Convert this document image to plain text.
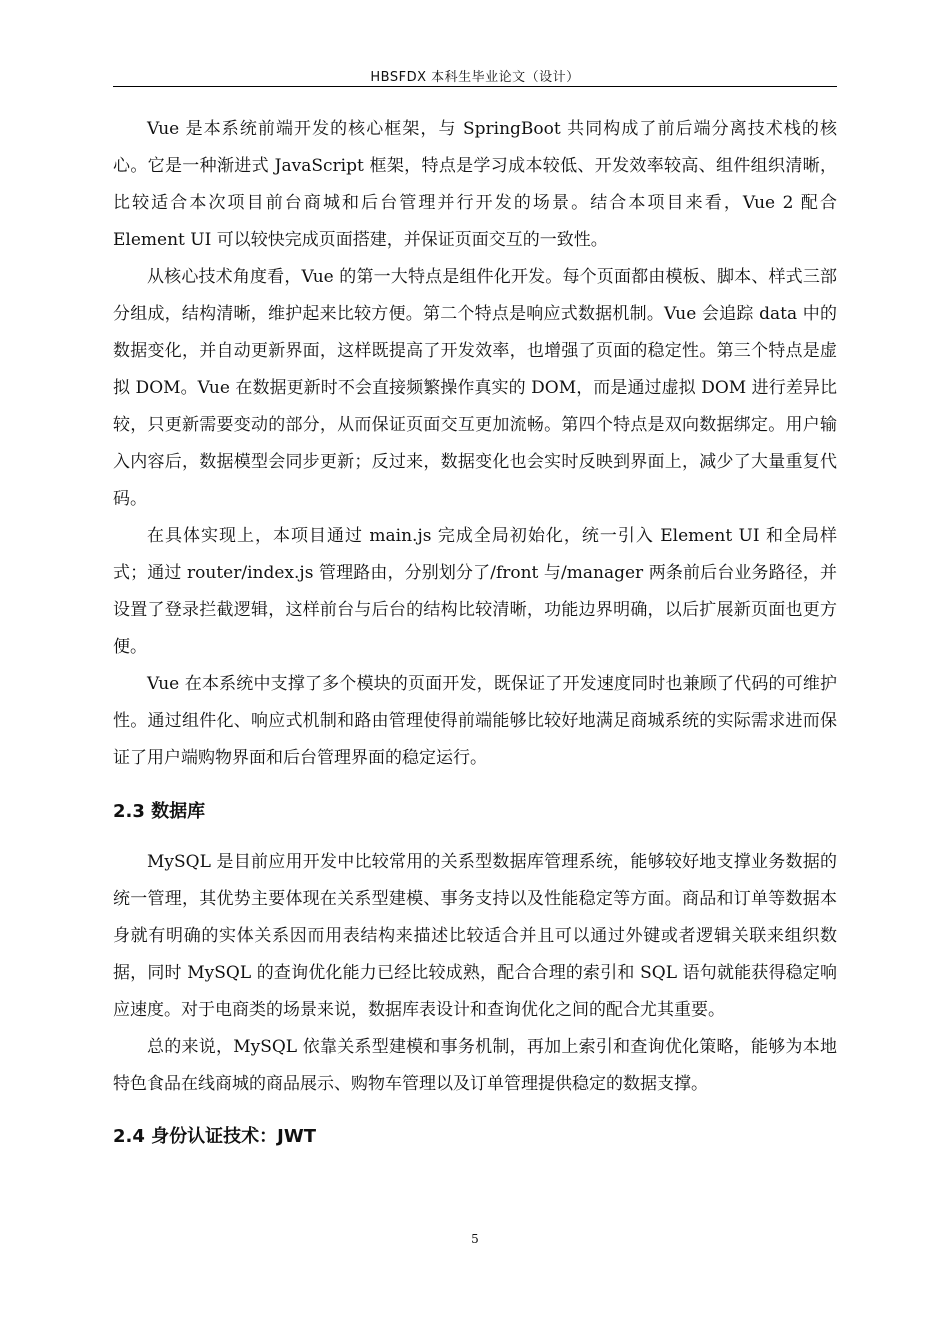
HBSFDX 本科生毕业论文（设计）

Vue 是本系统前端开发的核心框架，与 SpringBoot 共同构成了前后端分离技术栈的核心。它是一种渐进式 JavaScript 框架，特点是学习成本较低、开发效率较高、组件组织清晰，比较适合本次项目前台商城和后台管理并行开发的场景。结合本项目来看，Vue 2 配合 Element UI 可以较快完成页面搭建，并保证页面交互的一致性。

从核心技术角度看，Vue 的第一大特点是组件化开发。每个页面都由模板、脚本、样式三部分组成，结构清晰，维护起来比较方便。第二个特点是响应式数据机制。Vue 会追踪 data 中的数据变化，并自动更新界面，这样既提高了开发效率，也增强了页面的稳定性。第三个特点是虚拟 DOM。Vue 在数据更新时不会直接频繁操作真实的 DOM，而是通过虚拟 DOM 进行差异比较，只更新需要变动的部分，从而保证页面交互更加流畅。第四个特点是双向数据绑定。用户输入内容后，数据模型会同步更新；反过来，数据变化也会实时反映到界面上，减少了大量重复代码。

在具体实现上，本项目通过 main.js 完成全局初始化，统一引入 Element UI 和全局样式；通过 router/index.js 管理路由，分别划分了/front 与/manager 两条前后台业务路径，并设置了登录拦截逻辑，这样前台与后台的结构比较清晰，功能边界明确，以后扩展新页面也更方便。

Vue 在本系统中支撑了多个模块的页面开发，既保证了开发速度同时也兼顾了代码的可维护性。通过组件化、响应式机制和路由管理使得前端能够比较好地满足商城系统的实际需求进而保证了用户端购物界面和后台管理界面的稳定运行。

2.3 数据库

MySQL 是目前应用开发中比较常用的关系型数据库管理系统，能够较好地支撑业务数据的统一管理，其优势主要体现在关系型建模、事务支持以及性能稳定等方面。商品和订单等数据本身就有明确的实体关系因而用表结构来描述比较适合并且可以通过外键或者逻辑关联来组织数据，同时 MySQL 的查询优化能力已经比较成熟，配合合理的索引和 SQL 语句就能获得稳定响应速度。对于电商类的场景来说，数据库表设计和查询优化之间的配合尤其重要。

总的来说，MySQL 依靠关系型建模和事务机制，再加上索引和查询优化策略，能够为本地特色食品在线商城的商品展示、购物车管理以及订单管理提供稳定的数据支撑。

2.4 身份认证技术：JWT
5
